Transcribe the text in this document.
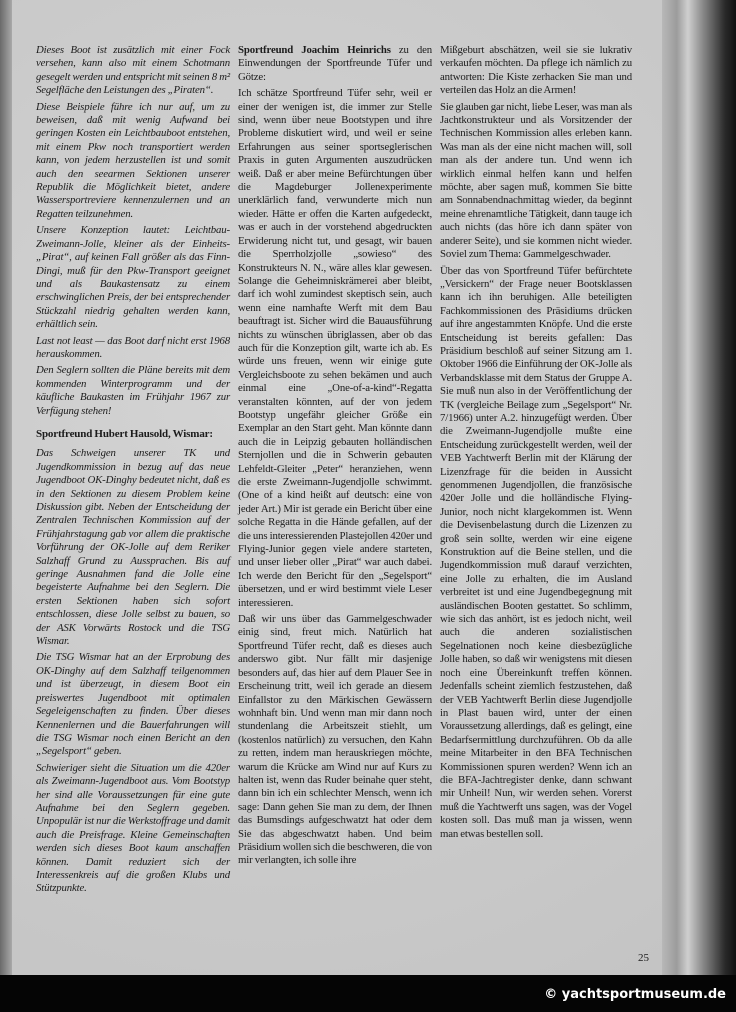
Dieses Boot ist zusätzlich mit einer Fock versehen, kann also mit einem Schotmann gesegelt werden und entspricht mit seinen 8 m² Segelfläche den Leistungen des „Piraten“.

Diese Beispiele führe ich nur auf, um zu beweisen, daß mit wenig Aufwand bei geringen Kosten ein Leichtbauboot entstehen, mit einem Pkw noch transportiert werden kann, von jedem herzustellen ist und somit auch den seearmen Sektionen unserer Republik die Möglichkeit bietet, andere Wassersportreviere kennenzulernen und an Regatten teilzunehmen.

Unsere Konzeption lautet: Leichtbau-Zweimann-Jolle, kleiner als der Einheits-„Pirat“, auf keinen Fall größer als das Finn-Dingi, muß für den Pkw-Transport geeignet und als Baukastensatz zu einem erschwinglichen Preis, der bei entsprechender Stückzahl niedrig gehalten werden kann, erhältlich sein.

Last not least — das Boot darf nicht erst 1968 herauskommen.

Den Seglern sollten die Pläne bereits mit dem kommenden Winterprogramm und der käufliche Baukasten im Frühjahr 1967 zur Verfügung stehen!

Sportfreund Hubert Hausold, Wismar:

Das Schweigen unserer TK und Jugendkommission in bezug auf das neue Jugendboot OK-Dinghy bedeutet nicht, daß es in den Sektionen zu diesem Problem keine Diskussion gibt. Neben der Entscheidung der Zentralen Technischen Kommission auf der Frühjahrstagung gab vor allem die praktische Vorführung der OK-Jolle auf dem Reriker Salzhaff Grund zu Aussprachen. Bis auf geringe Ausnahmen fand die Jolle eine begeisterte Aufnahme bei den Seglern. Die ersten Sektionen haben sich sofort entschlossen, diese Jolle selbst zu bauen, so der ASK Vorwärts Rostock und die TSG Wismar.

Die TSG Wismar hat an der Erprobung des OK-Dinghy auf dem Salzhaff teilgenommen und ist überzeugt, in diesem Boot ein preiswertes Jugendboot mit optimalen Segeleigenschaften zu finden. Über dieses Kennenlernen und die Bauerfahrungen will die TSG Wismar noch einen Bericht an den „Segelsport“ geben.

Schwieriger sieht die Situation um die 420er als Zweimann-Jugendboot aus. Vom Bootstyp her sind alle Voraussetzungen für eine gute Aufnahme bei den Seglern gegeben. Unpopulär ist nur die Werkstoffrage und damit auch die Preisfrage. Kleine Gemeinschaften werden sich dieses Boot kaum anschaffen können. Damit reduziert sich der Interessenkreis auf die großen Klubs und Stützpunkte.

Sportfreund Joachim Heinrichs zu den Einwendungen der Sportfreunde Tüfer und Götze:

Ich schätze Sportfreund Tüfer sehr, weil er einer der wenigen ist, die immer zur Stelle sind, wenn über neue Bootstypen und ihre Probleme diskutiert wird, und weil er seine Erfahrungen aus seiner sportseglerischen Praxis in guten Argumenten auszudrücken weiß. Daß er aber meine Befürchtungen über die Magdeburger Jollenexperimente unerklärlich fand, verwunderte mich nun wieder. Hätte er offen die Karten aufgedeckt, was er auch in der vorstehend abgedruckten Erwiderung nicht tut, und gesagt, wir bauen die Sperrholzjolle „sowieso“ des Konstrukteurs N. N., wäre alles klar gewesen. Solange die Geheimniskrämerei aber bleibt, darf ich wohl zumindest skeptisch sein, auch wenn eine namhafte Werft mit dem Bau beauftragt ist. Sicher wird die Bauausführung nichts zu wünschen übriglassen, aber ob das auch für die Konzeption gilt, warte ich ab. Es würde uns freuen, wenn wir einige gute Vergleichsboote zu sehen bekämen und auch einmal eine „One-of-a-kind“-Regatta veranstalten könnten, auf der von jedem Bootstyp ungefähr gleicher Größe ein Exemplar an den Start geht. Man könnte dann auch die in Leipzig gebauten holländischen Sternjollen und die in Schwerin gebauten Lehfeldt-Gleiter „Peter“ heranziehen, wenn die erste Zweimann-Jugendjolle schwimmt. (One of a kind heißt auf deutsch: eine von jeder Art.) Mir ist gerade ein Bericht über eine solche Regatta in die Hände gefallen, auf der die uns interessierenden Plastejollen 420er und Flying-Junior gegen viele andere starteten, und unser lieber oller „Pirat“ war auch dabei. Ich werde den Bericht für den „Segelsport“ übersetzen, und er wird bestimmt viele Leser interessieren.

Daß wir uns über das Gammelgeschwader einig sind, freut mich. Natürlich hat Sportfreund Tüfer recht, daß es dieses auch anderswo gibt. Nur fällt mir dasjenige besonders auf, das hier auf dem Plauer See in Erscheinung tritt, weil ich gerade an diesem Einfallstor zu den Märkischen Gewässern wohnhaft bin. Und wenn man mir dann noch stundenlang die Arbeitszeit stiehlt, um (kostenlos natürlich) zu versuchen, den Kahn zu retten, indem man herauskriegen möchte, warum die Krücke am Wind nur auf Kurs zu halten ist, wenn das Ruder beinahe quer steht, dann bin ich ein schlechter Mensch, wenn ich sage: Dann gehen Sie man zu dem, der Ihnen das Bumsdings aufgeschwatzt hat oder dem Sie das abgeschwatzt haben. Und beim Präsidium wollen sich die beschweren, die von mir verlangten, ich solle ihre

Mißgeburt abschätzen, weil sie sie lukrativ verkaufen möchten. Da pflege ich nämlich zu antworten: Die Kiste zerhacken Sie man und verteilen das Holz an die Armen!

Sie glauben gar nicht, liebe Leser, was man als Jachtkonstrukteur und als Vorsitzender der Technischen Kommission alles erleben kann. Was man als der eine nicht machen will, soll man als der andere tun. Und wenn ich wirklich einmal helfen kann und helfen möchte, aber sagen muß, kommen Sie bitte am Sonnabendnachmittag wieder, da beginnt meine ehrenamtliche Tätigkeit, dann tauge ich auch nichts (das höre ich dann später von anderer Seite), und sie kommen nicht wieder. Soviel zum Thema: Gammelgeschwader.

Über das von Sportfreund Tüfer befürchtete „Versickern“ der Frage neuer Bootsklassen kann ich ihn beruhigen. Alle beteiligten Fachkommissionen des Präsidiums drücken auf ihre angestammten Knöpfe. Und die erste Entscheidung ist bereits gefallen: Das Präsidium beschloß auf seiner Sitzung am 1. Oktober 1966 die Einführung der OK-Jolle als Verbandsklasse mit dem Status der Gruppe A. Sie muß nun also in der Veröffentlichung der TK (vergleiche Beilage zum „Segelsport“ Nr. 7/1966) unter A.2. hinzugefügt werden. Über die Zweimann-Jugendjolle mußte eine Entscheidung zurückgestellt werden, weil der VEB Yachtwerft Berlin mit der Klärung der Lizenzfrage für die beiden in Aussicht genommenen Jugendjollen, die französische 420er Jolle und die holländische Flying-Junior, noch nicht klargekommen ist. Wenn die Devisenbelastung durch die Lizenzen zu groß sein sollte, werden wir eine eigene Konstruktion auf die Beine stellen, und die Jugendkommission muß darauf verzichten, eine Jolle zu erhalten, die im Ausland verbreitet ist und eine Jugendbegegnung mit ausländischen Booten gestattet. So schlimm, wie sich das anhört, ist es jedoch nicht, weil auch die anderen sozialistischen Segelnationen noch keine diesbezügliche Jolle haben, so daß wir wenigstens mit diesen noch eine Übereinkunft treffen können. Jedenfalls scheint ziemlich festzustehen, daß der VEB Yachtwerft Berlin diese Jugendjolle in Plast bauen wird, unter der einen Voraussetzung allerdings, daß es gelingt, eine Bedarfsermittlung durchzuführen. Ob da alle meine Mitarbeiter in den BFA Technischen Kommissionen spuren werden? Wenn ich an die BFA-Jachtregister denke, dann schwant mir Unheil! Nun, wir werden sehen. Vorerst muß die Yachtwerft uns sagen, was der Vogel kosten soll. Das muß man ja wissen, wenn man etwas bestellen soll.

25
© yachtsportmuseum.de
